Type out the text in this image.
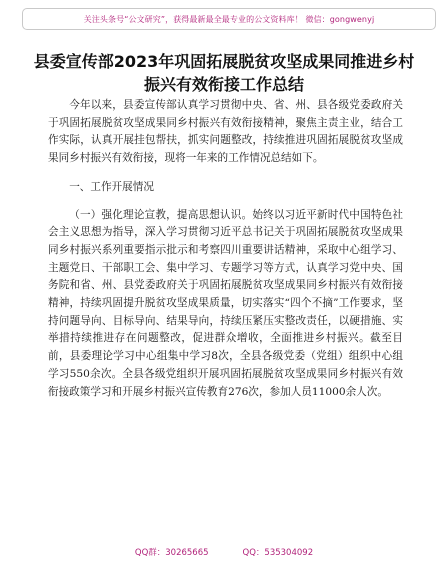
关注头条号“公文研究”，获得最新最全最专业的公文资料库！ 微信：gongwenyj
县委宣传部2023年巩固拓展脱贫攻坚成果同推进乡村振兴有效衔接工作总结

今年以来，县委宣传部认真学习贯彻中央、省、州、县各级党委政府关于巩固拓展脱贫攻坚成果同乡村振兴有效衔接精神，聚焦主责主业，结合工作实际，认真开展挂包帮扶，抓实问题整改，持续推进巩固拓展脱贫攻坚成果同乡村振兴有效衔接，现将一年来的工作情况总结如下。

一、工作开展情况

（一）强化理论宣教，提高思想认识。始终以习近平新时代中国特色社会主义思想为指导，深入学习贯彻习近平总书记关于巩固拓展脱贫攻坚成果同乡村振兴系列重要指示批示和考察四川重要讲话精神，采取中心组学习、主题党日、干部职工会、集中学习、专题学习等方式，认真学习党中央、国务院和省、州、县党委政府关于巩固拓展脱贫攻坚成果同乡村振兴有效衔接精神，持续巩固提升脱贫攻坚成果质量，切实落实“四个不摘”工作要求，坚持问题导向、目标导向、结果导向，持续压紧压实整改责任，以硬措施、实举措持续推进存在问题整改，促进群众增收，全面推进乡村振兴。截至目前，县委理论学习中心组集中学习8次，全县各级党委（党组）组织中心组学习550余次。全县各级党组织开展巩固拓展脱贫攻坚成果同乡村振兴有效衔接政策学习和开展乡村振兴宣传教育276次，参加人员11000余人次。

QQ群：30265665	QQ：535304092
